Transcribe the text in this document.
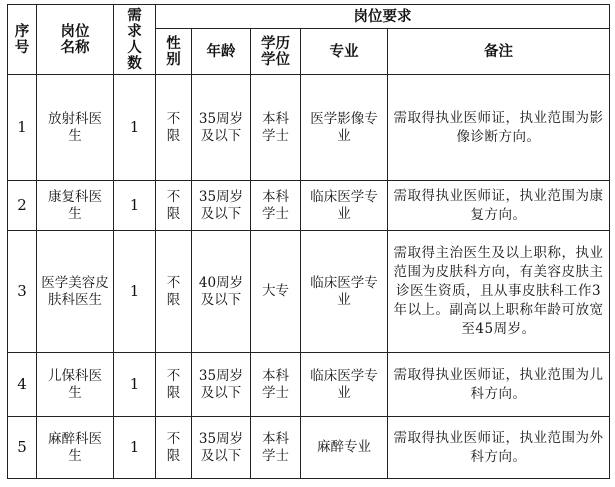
序号	岗位名称	需求人数	岗位要求				
			性别	年龄	学历学位	专业	备注
1	放射科医生	1	不限	35周岁及以下	本科学士	医学影像专业	需取得执业医师证，执业范围为影像诊断方向。
2	康复科医生	1	不限	35周岁及以下	本科学士	临床医学专业	需取得执业医师证，执业范围为康复方向。
3	医学美容皮肤科医生	1	不限	40周岁及以下	大专	临床医学专业	需取得主治医生及以上职称，执业范围为皮肤科方向，有美容皮肤主诊医生资质，且从事皮肤科工作3年以上。副高以上职称年龄可放宽至45周岁。
4	儿保科医生	1	不限	35周岁及以下	本科学士	临床医学专业	需取得执业医师证，执业范围为儿科方向。
5	麻醉科医生	1	不限	35周岁及以下	本科学士	麻醉专业	需取得执业医师证，执业范围为外科方向。
